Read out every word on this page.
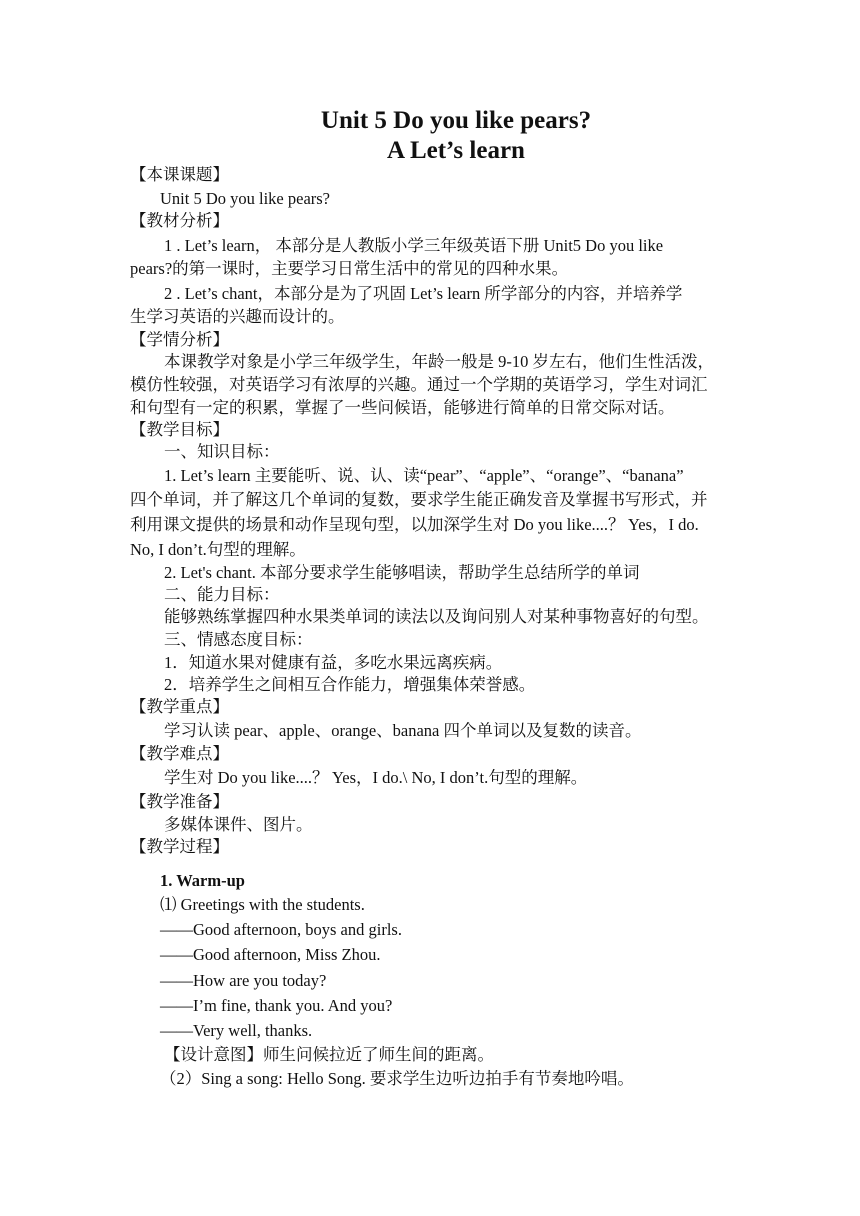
Unit 5 Do you like pears?
A Let’s learn
【本课课题】
Unit 5 Do you like pears?
【教材分析】
1 . Let’s learn， 本部分是人教版小学三年级英语下册 Unit5 Do you like
pears?的第一课时，主要学习日常生活中的常见的四种水果。
2 . Let’s chant，本部分是为了巩固 Let’s learn 所学部分的内容，并培养学
生学习英语的兴趣而设计的。
【学情分析】
本课教学对象是小学三年级学生，年龄一般是 9-10 岁左右，他们生性活泼，
模仿性较强，对英语学习有浓厚的兴趣。通过一个学期的英语学习，学生对词汇
和句型有一定的积累，掌握了一些问候语，能够进行简单的日常交际对话。
【教学目标】
一、知识目标：
1. Let’s learn 主要能听、说、认、读“pear”、“apple”、“orange”、“banana”
四个单词，并了解这几个单词的复数，要求学生能正确发音及掌握书写形式，并
利用课文提供的场景和动作呈现句型，以加深学生对 Do you like....？ Yes，I do.
No, I don’t.句型的理解。
2. Let's chant. 本部分要求学生能够唱读，帮助学生总结所学的单词
二、能力目标：
能够熟练掌握四种水果类单词的读法以及询问别人对某种事物喜好的句型。
三、情感态度目标：
1．知道水果对健康有益，多吃水果远离疾病。
2．培养学生之间相互合作能力，增强集体荣誉感。
【教学重点】
学习认读 pear、apple、orange、banana 四个单词以及复数的读音。
【教学难点】
学生对 Do you like....？ Yes，I do.\ No, I don’t.句型的理解。
【教学准备】
多媒体课件、图片。
【教学过程】
1. Warm-up
⑴ Greetings with the students.
——Good afternoon, boys and girls.
——Good afternoon, Miss Zhou.
——How are you today?
——I’m fine, thank you. And you?
——Very well, thanks.
【设计意图】师生问候拉近了师生间的距离。
（2）Sing a song: Hello Song. 要求学生边听边拍手有节奏地吟唱。
